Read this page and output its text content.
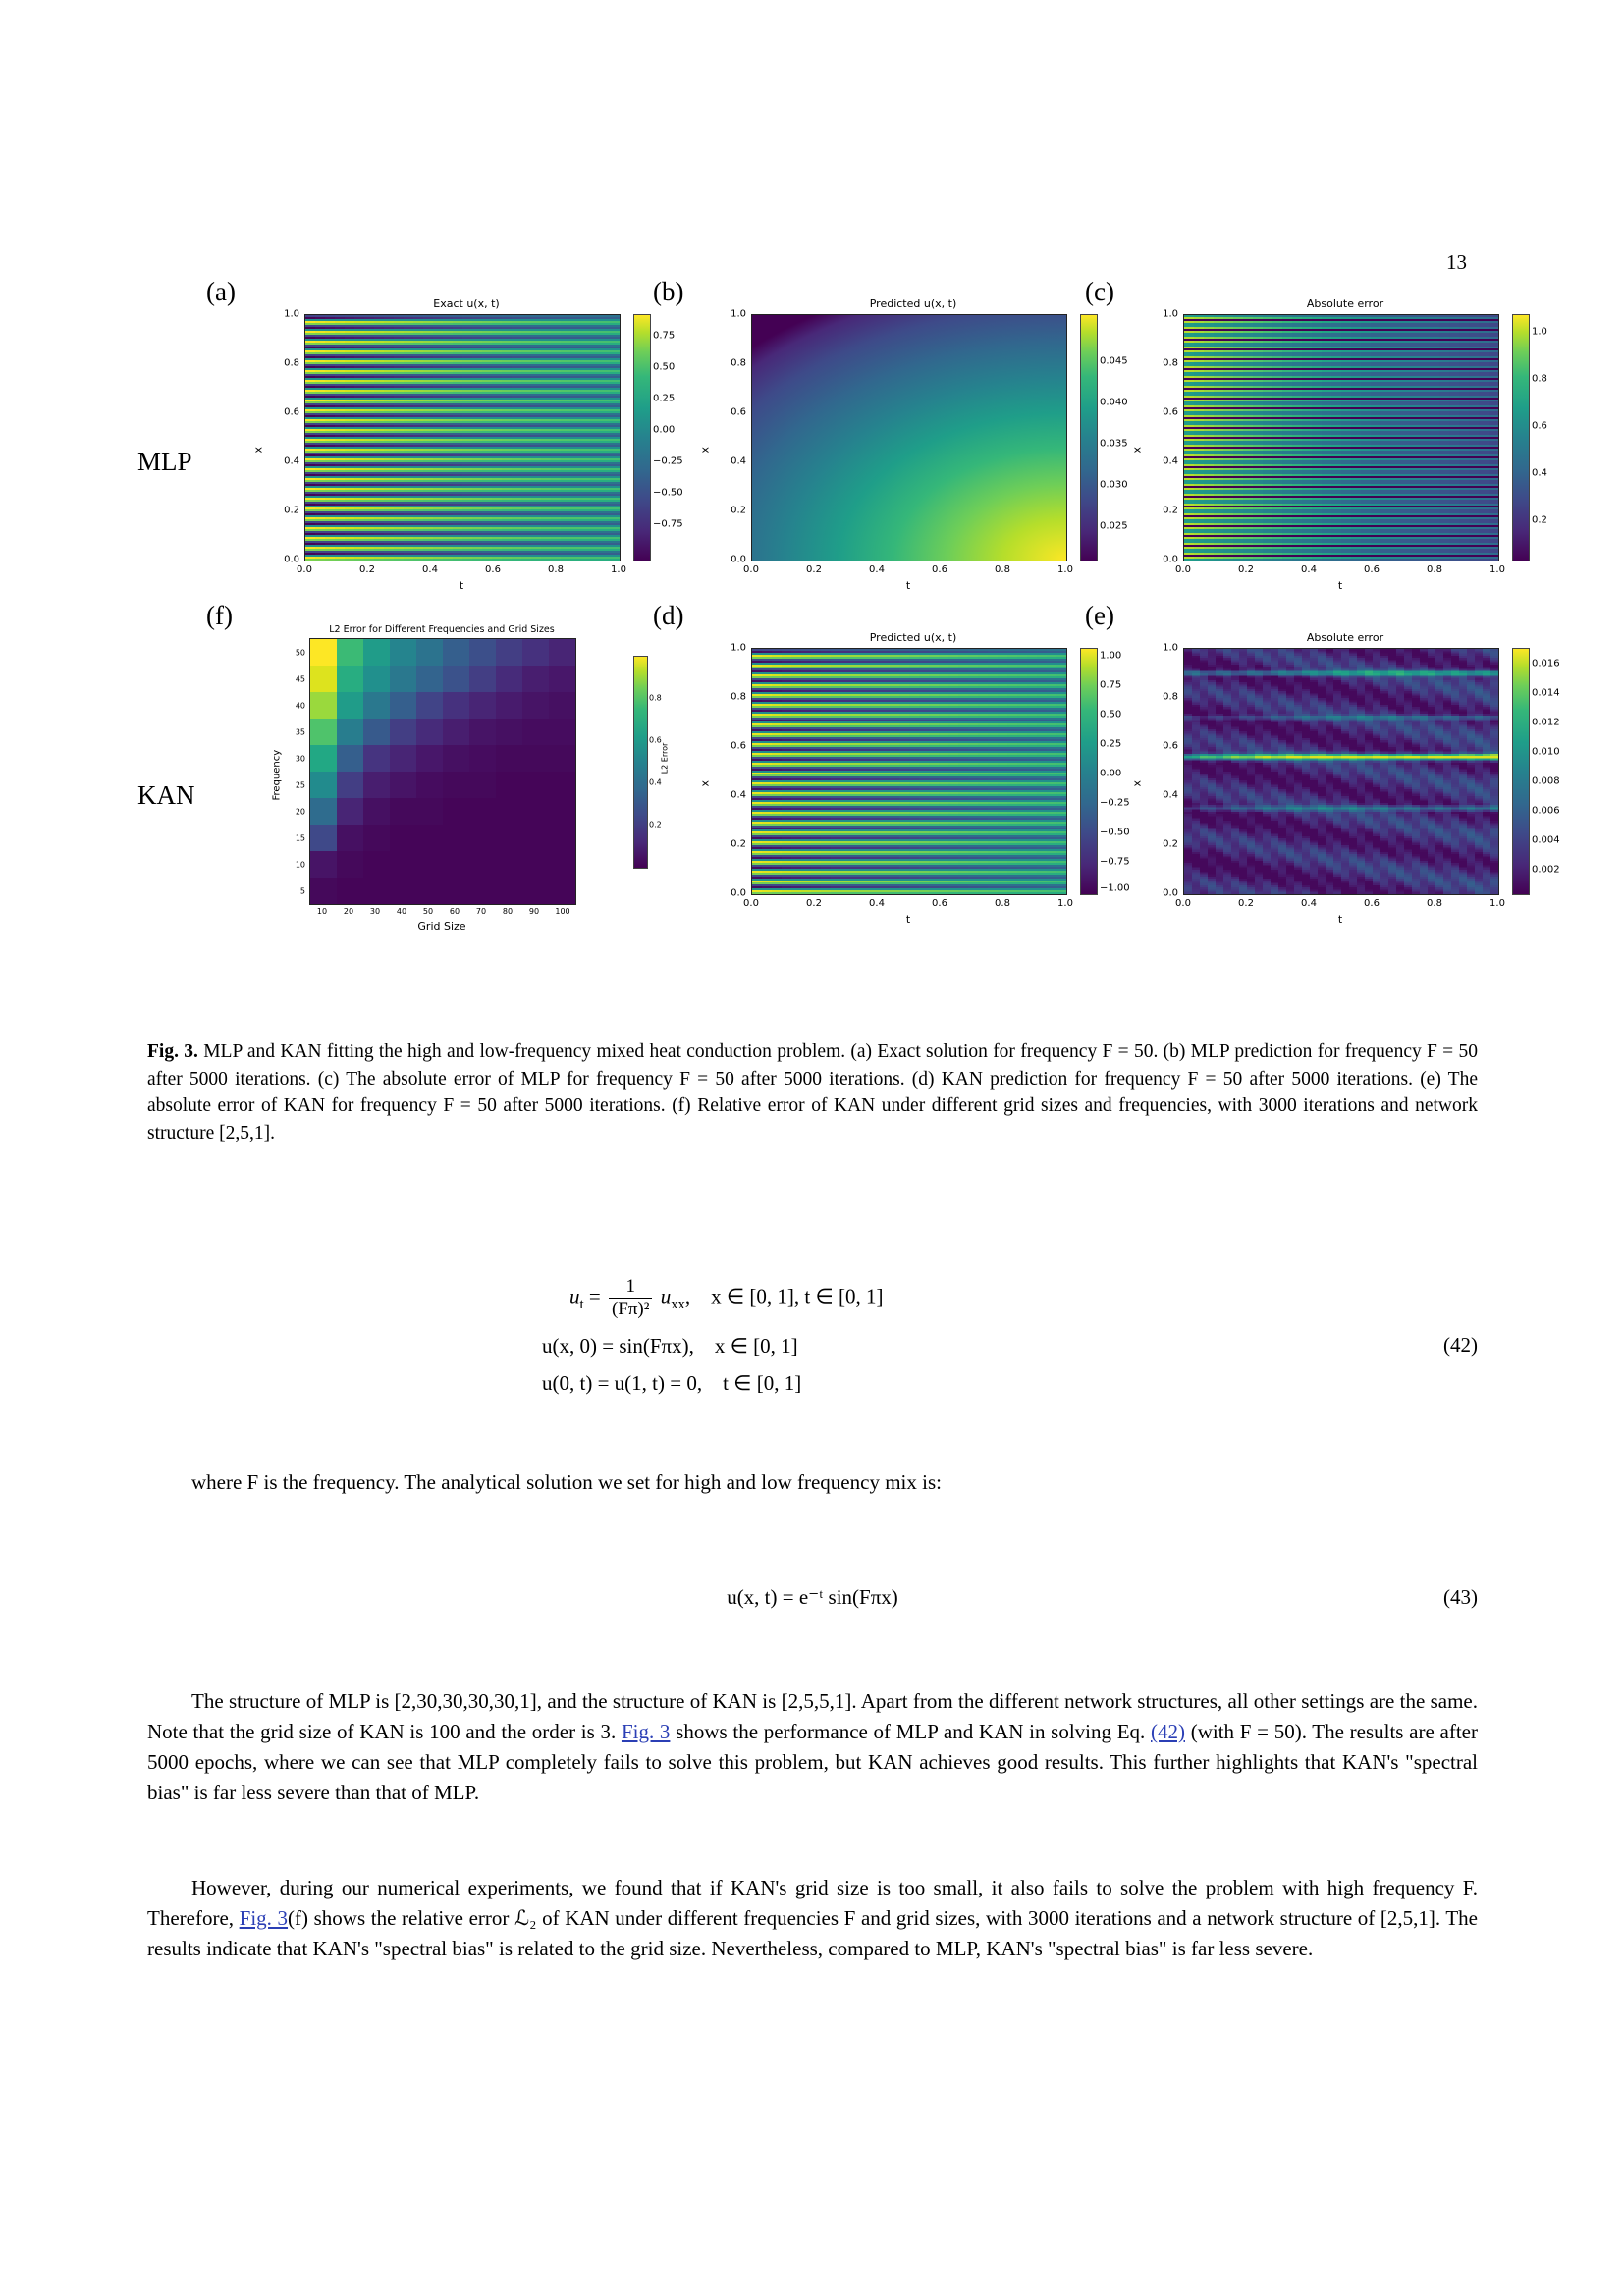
13
MLP
KAN
(a)	Exact u(x, t)
0.0
0.2
0.4
0.6
0.8
1.0
x
0.0	0.2	0.4	0.6	0.8	1.0
t
0.75
0.50
0.25
0.00
−0.25
−0.50
−0.75
(b)	Predicted u(x, t)
0.0
0.2
0.4
0.6
0.8
1.0
x
0.0	0.2	0.4	0.6	0.8	1.0
t
0.045
0.040
0.035
0.030
0.025
(c)	Absolute error
0.0
0.2
0.4
0.6
0.8
1.0
x
0.0	0.2	0.4	0.6	0.8	1.0
t
1.0
0.8
0.6
0.4
0.2
(f)	L2 Error for Different Frequencies and Grid Sizes
5
10
15
20
25
30
35
40
45
50
Frequency
10 20 30 40 50 60 70 80 90 100
Grid Size
0.8
0.6
0.4
0.2
L2 Error
(d)
Predicted u(x, t)
0.0
0.2
0.4
0.6
0.8
1.0
x
0.0	0.2	0.4	0.6	0.8	1.0
t
1.00
0.75
0.50
0.25
0.00
−0.25
−0.50
−0.75
−1.00
(e)
Absolute error
0.0
0.2
0.4
0.6
0.8
1.0
x
0.0	0.2	0.4	0.6	0.8	1.0
t
0.016
0.014
0.012
0.010
0.008
0.006
0.004
0.002
Fig. 3. MLP and KAN fitting the high and low-frequency mixed heat conduction problem. (a) Exact solution for frequency F = 50. (b) MLP prediction for frequency F = 50 after 5000 iterations. (c) The absolute error of MLP for frequency F = 50 after 5000 iterations. (d) KAN prediction for frequency F = 50 after 5000 iterations. (e) The absolute error of KAN for frequency F = 50 after 5000 iterations. (f) Relative error of KAN under different grid sizes and frequencies, with 3000 iterations and network structure [2,5,1].
$u_t = \frac{1}{\text{(Fπ)²}} u_{xx}$, x ∈ [0, 1], t ∈ [0, 1]
u(x, 0) = sin(Fπx), x ∈ [0, 1]
u(0, t) = u(1, t) = 0, t ∈ [0, 1]
(42)
where F is the frequency. The analytical solution we set for high and low frequency mix is:
u(x, t) = e⁻ᵗ sin(Fπx)	(43)
The structure of MLP is [2,30,30,30,30,1], and the structure of KAN is [2,5,5,1]. Apart from the different network structures, all other settings are the same. Note that the grid size of KAN is 100 and the order is 3. Fig. 3 shows the performance of MLP and KAN in solving Eq. (42) (with F = 50). The results are after 5000 epochs, where we can see that MLP completely fails to solve this problem, but KAN achieves good results. This further highlights that KAN's "spectral bias" is far less severe than that of MLP.
However, during our numerical experiments, we found that if KAN's grid size is too small, it also fails to solve the problem with high frequency F. Therefore, Fig. 3(f) shows the relative error ℒ₂ of KAN under different frequencies F and grid sizes, with 3000 iterations and a network structure of [2,5,1]. The results indicate that KAN's "spectral bias" is related to the grid size. Nevertheless, compared to MLP, KAN's "spectral bias" is far less severe.
